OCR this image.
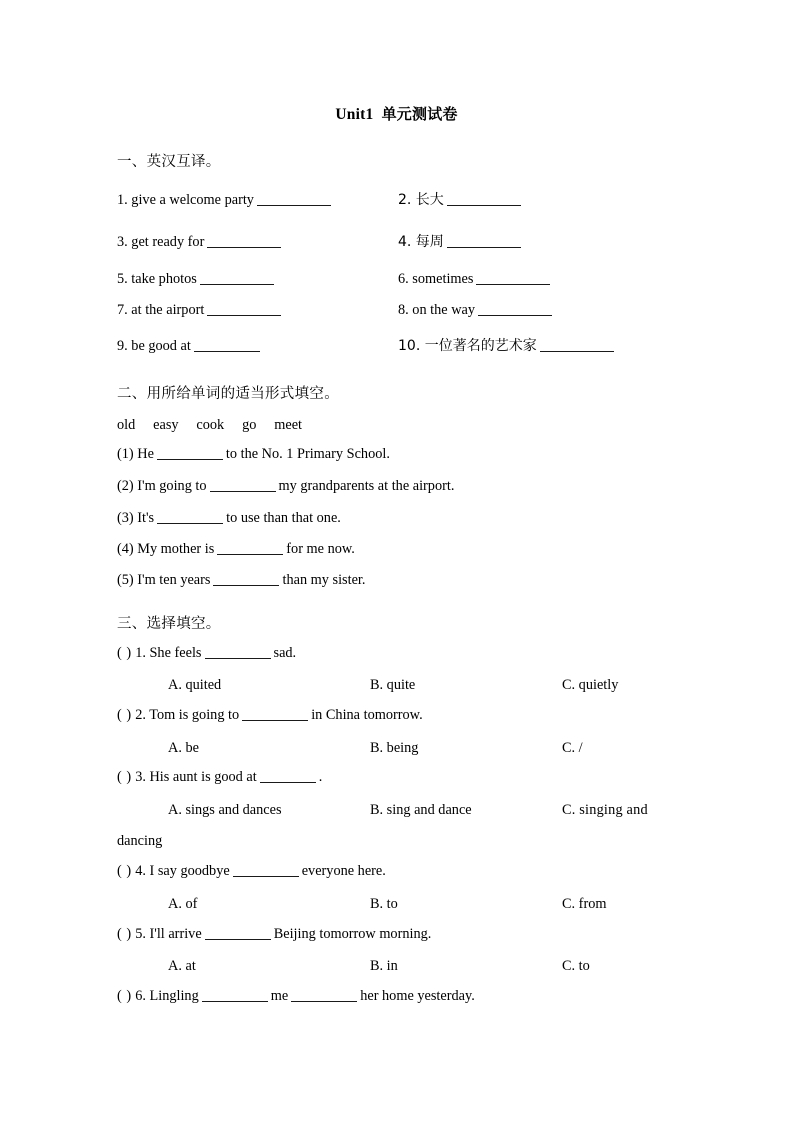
Unit1 单元测试卷
一、英汉互译。
1. give a welcome party	2. 长大
3. get ready for	4. 每周
5. take photos	6. sometimes
7. at the airport	8. on the way
9. be good at	10. 一位著名的艺术家
二、用所给单词的适当形式填空。
old     easy     cook     go     meet
(1) He	to the No. 1 Primary School.
(2) I'm going to	my grandparents at the airport.
(3) It's	to use than that one.
(4) My mother is	for me now.
(5) I'm ten years	than my sister.
三、选择填空。
( ) 1. She feels	sad.
A. quited	B. quite	C. quietly
( ) 2. Tom is going to	in China tomorrow.
A. be	B. being	C. /
( ) 3. His aunt is good at	.
A. sings and dances	B. sing and dance	C. singing and
dancing
( ) 4. I say goodbye	everyone here.
A. of	B. to	C. from
( ) 5. I'll arrive	Beijing tomorrow morning.
A. at	B. in	C. to
( ) 6. Lingling	me	her home yesterday.
